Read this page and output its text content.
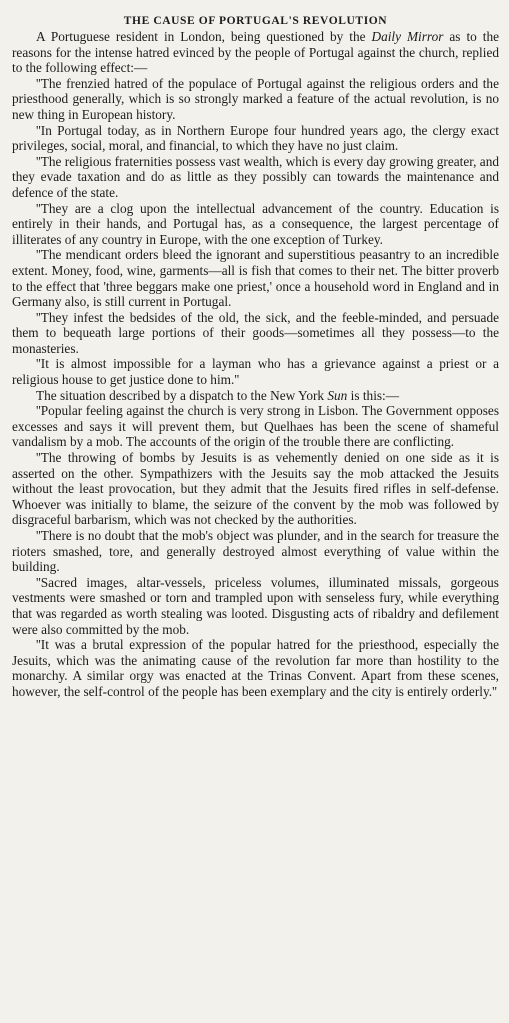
THE CAUSE OF PORTUGAL'S REVOLUTION

A Portuguese resident in London, being questioned by the Daily Mirror as to the reasons for the intense hatred evinced by the people of Portugal against the church, replied to the following effect:—

''The frenzied hatred of the populace of Portugal against the religious orders and the priesthood generally, which is so strongly marked a feature of the actual revolution, is no new thing in European history.

''In Portugal today, as in Northern Europe four hundred years ago, the clergy exact privileges, social, moral, and financial, to which they have no just claim.

''The religious fraternities possess vast wealth, which is every day growing greater, and they evade taxation and do as little as they possibly can towards the maintenance and defence of the state.

''They are a clog upon the intellectual advancement of the country. Education is entirely in their hands, and Portugal has, as a consequence, the largest percentage of illiterates of any country in Europe, with the one exception of Turkey.

''The mendicant orders bleed the ignorant and superstitious peasantry to an incredible extent. Money, food, wine, garments—all is fish that comes to their net. The bitter proverb to the effect that 'three beggars make one priest,' once a household word in England and in Germany also, is still current in Portugal.

''They infest the bedsides of the old, the sick, and the feeble-minded, and persuade them to bequeath large portions of their goods—sometimes all they possess—to the monasteries.

''It is almost impossible for a layman who has a grievance against a priest or a religious house to get justice done to him.''

The situation described by a dispatch to the New York Sun is this:—

''Popular feeling against the church is very strong in Lisbon. The Government opposes excesses and says it will prevent them, but Quelhaes has been the scene of shameful vandalism by a mob. The accounts of the origin of the trouble there are conflicting.

''The throwing of bombs by Jesuits is as vehemently denied on one side as it is asserted on the other. Sympathizers with the Jesuits say the mob attacked the Jesuits without the least provocation, but they admit that the Jesuits fired rifles in self-defense. Whoever was initially to blame, the seizure of the convent by the mob was followed by disgraceful barbarism, which was not checked by the authorities.

''There is no doubt that the mob's object was plunder, and in the search for treasure the rioters smashed, tore, and generally destroyed almost everything of value within the building.

''Sacred images, altar-vessels, priceless volumes, illuminated missals, gorgeous vestments were smashed or torn and trampled upon with senseless fury, while everything that was regarded as worth stealing was looted. Disgusting acts of ribaldry and defilement were also committed by the mob.

''It was a brutal expression of the popular hatred for the priesthood, especially the Jesuits, which was the animating cause of the revolution far more than hostility to the monarchy. A similar orgy was enacted at the Trinas Convent. Apart from these scenes, however, the self-control of the people has been exemplary and the city is entirely orderly.''
